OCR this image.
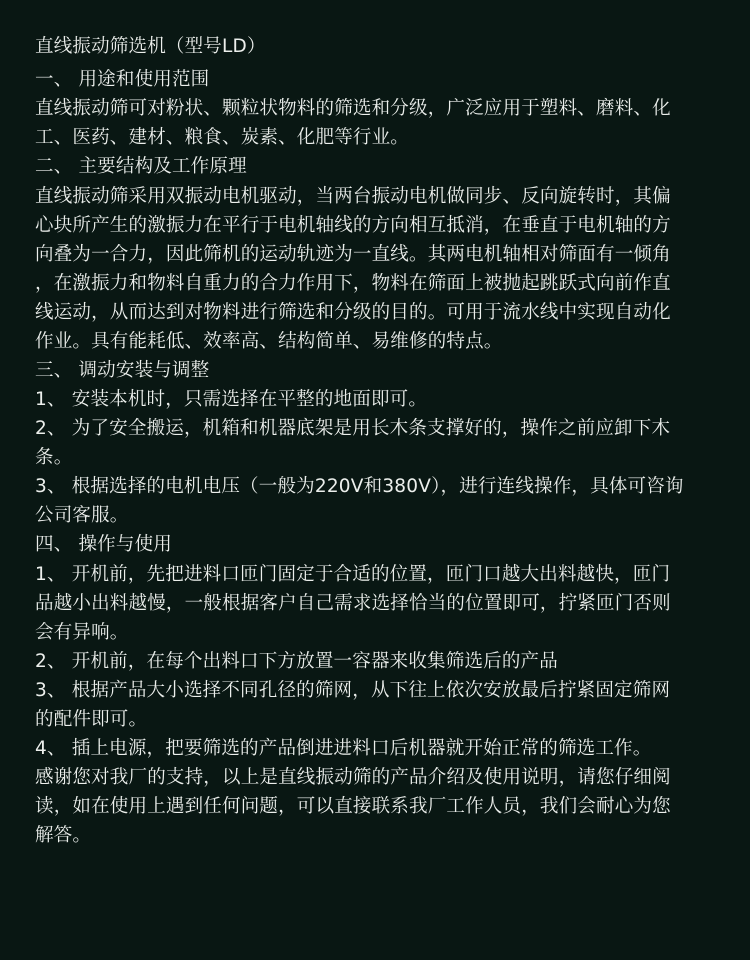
直线振动筛选机（型号LD）
一、 用途和使用范围
直线振动筛可对粉状、颗粒状物料的筛选和分级，广泛应用于塑料、磨料、化
工、医药、建材、粮食、炭素、化肥等行业。
二、 主要结构及工作原理
直线振动筛采用双振动电机驱动，当两台振动电机做同步、反向旋转时，其偏
心块所产生的激振力在平行于电机轴线的方向相互抵消，在垂直于电机轴的方
向叠为一合力，因此筛机的运动轨迹为一直线。其两电机轴相对筛面有一倾角
，在激振力和物料自重力的合力作用下，物料在筛面上被抛起跳跃式向前作直
线运动，从而达到对物料进行筛选和分级的目的。可用于流水线中实现自动化
作业。具有能耗低、效率高、结构简单、易维修的特点。
三、 调动安装与调整
1、 安装本机时，只需选择在平整的地面即可。
2、 为了安全搬运，机箱和机器底架是用长木条支撑好的，操作之前应卸下木
条。
3、 根据选择的电机电压（一般为220V和380V），进行连线操作，具体可咨询
公司客服。
四、 操作与使用
1、 开机前，先把进料口匝门固定于合适的位置，匝门口越大出料越快，匝门
品越小出料越慢，一般根据客户自己需求选择恰当的位置即可，拧紧匝门否则
会有异响。
2、 开机前，在每个出料口下方放置一容器来收集筛选后的产品
3、 根据产品大小选择不同孔径的筛网，从下往上依次安放最后拧紧固定筛网
的配件即可。
4、 插上电源，把要筛选的产品倒进进料口后机器就开始正常的筛选工作。
感谢您对我厂的支持，以上是直线振动筛的产品介绍及使用说明，请您仔细阅
读，如在使用上遇到任何问题，可以直接联系我厂工作人员，我们会耐心为您
解答。
